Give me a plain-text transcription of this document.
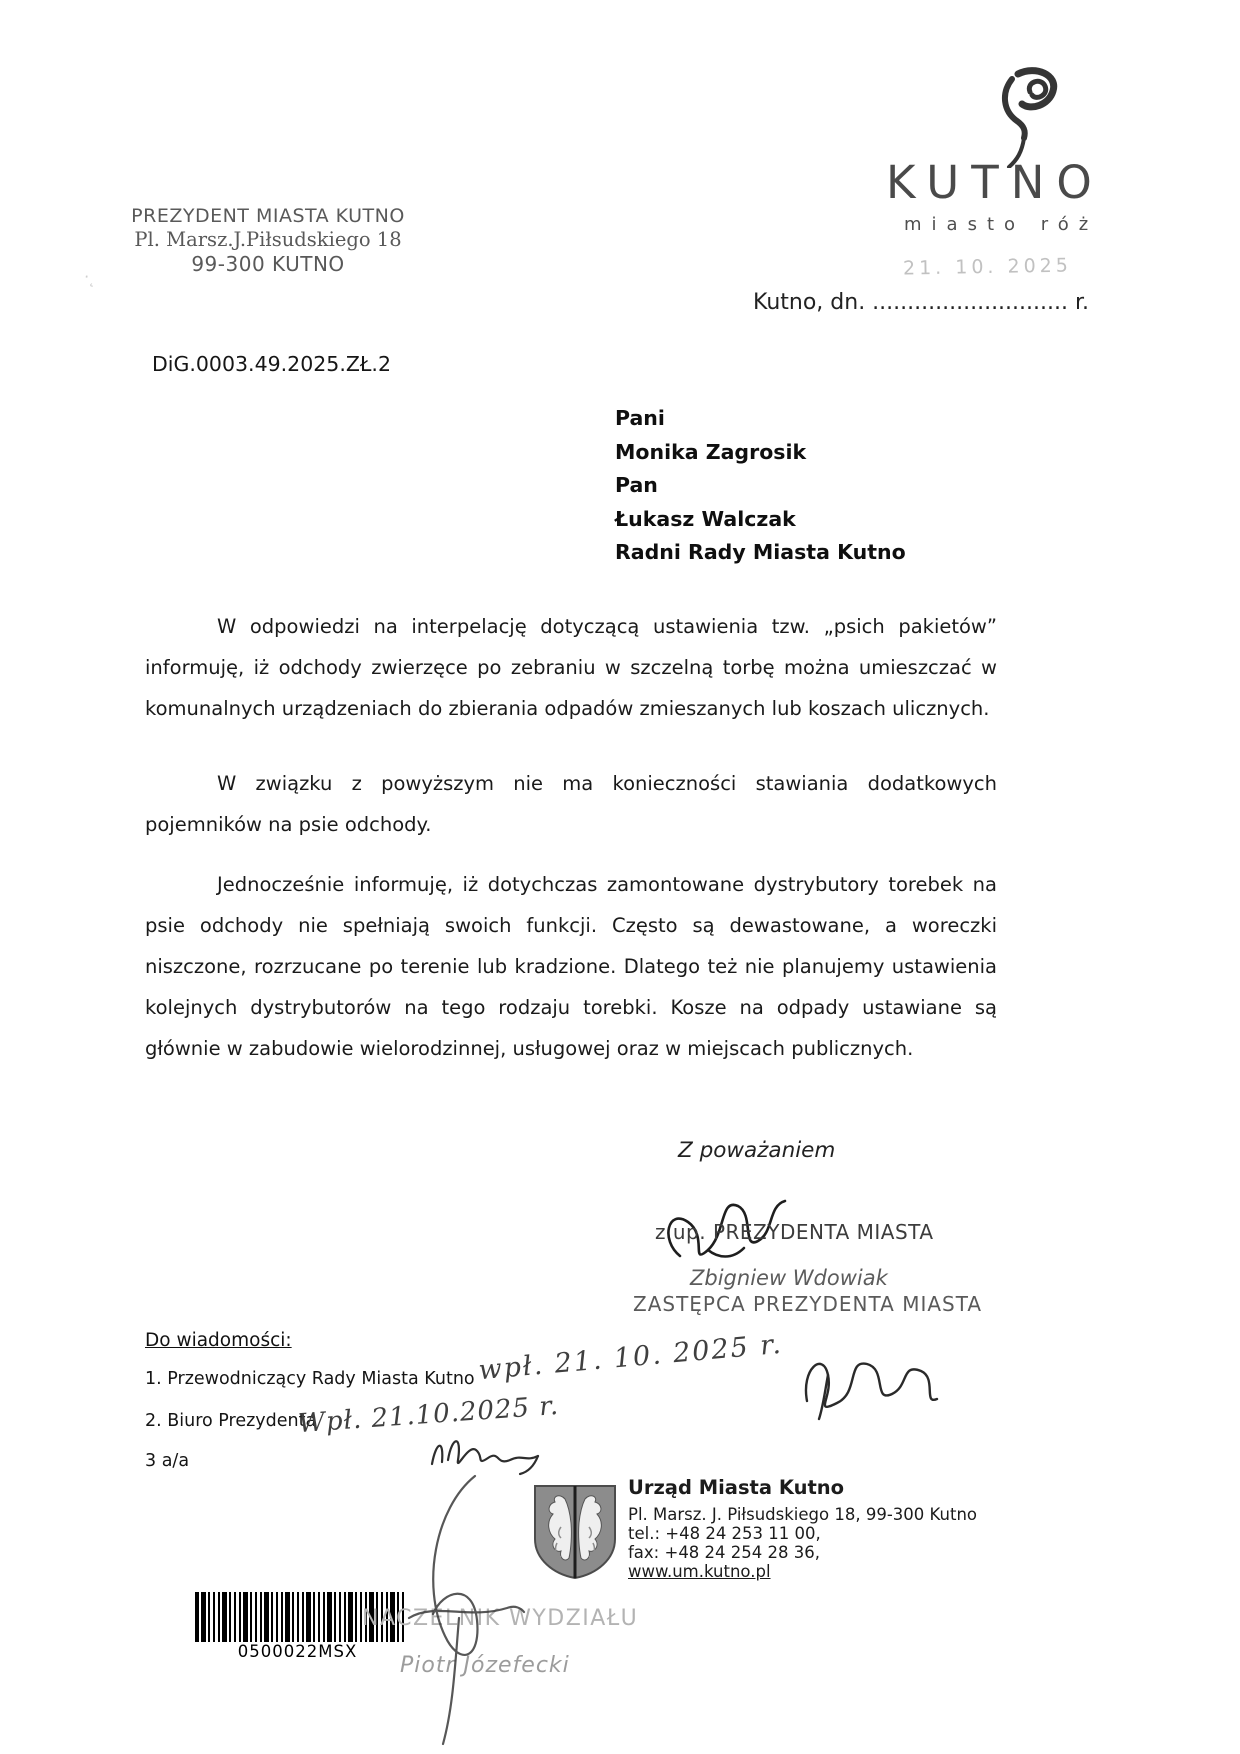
PREZYDENT MIASTA KUTNO
Pl. Marsz.J.Piłsudskiego 18
99-300 KUTNO
·˛
KUTNO
miasto róż
21. 10. 2025
Kutno, dn. ............................ r.
DiG.0003.49.2025.ZŁ.2
Pani
Monika Zagrosik
Pan
Łukasz Walczak
Radni Rady Miasta Kutno

W odpowiedzi na interpelację dotyczącą ustawienia tzw. „psich pakietów” informuję, iż odchody zwierzęce po zebraniu w szczelną torbę można umieszczać w komunalnych urządzeniach do zbierania odpadów zmieszanych lub koszach ulicznych.

W związku z powyższym nie ma konieczności stawiania dodatkowych pojemników na psie odchody.

Jednocześnie informuję, iż dotychczas zamontowane dystrybutory torebek na psie odchody nie spełniają swoich funkcji. Często są dewastowane, a woreczki niszczone, rozrzucane po terenie lub kradzione. Dlatego też nie planujemy ustawienia kolejnych dystrybutorów na tego rodzaju torebki. Kosze na odpady ustawiane są głównie w zabudowie wielorodzinnej, usługowej oraz w miejscach publicznych.

Z poważaniem
z up. PREZYDENTA MIASTA
Zbigniew Wdowiak
ZASTĘPCA PREZYDENTA MIASTA
Do wiadomości:
1. Przewodniczący Rady Miasta Kutno
2. Biuro Prezydenta
3 a/a
wpł. 21. 10. 2025 r.
Wpł. 21.10.2025 r.
Urząd Miasta Kutno
Pl. Marsz. J. Piłsudskiego 18, 99-300 Kutno
tel.: +48 24 253 11 00,
fax: +48 24 254 28 36,
www.um.kutno.pl
0500022MSX
NACZELNIK WYDZIAŁU
Piotr Józefecki
